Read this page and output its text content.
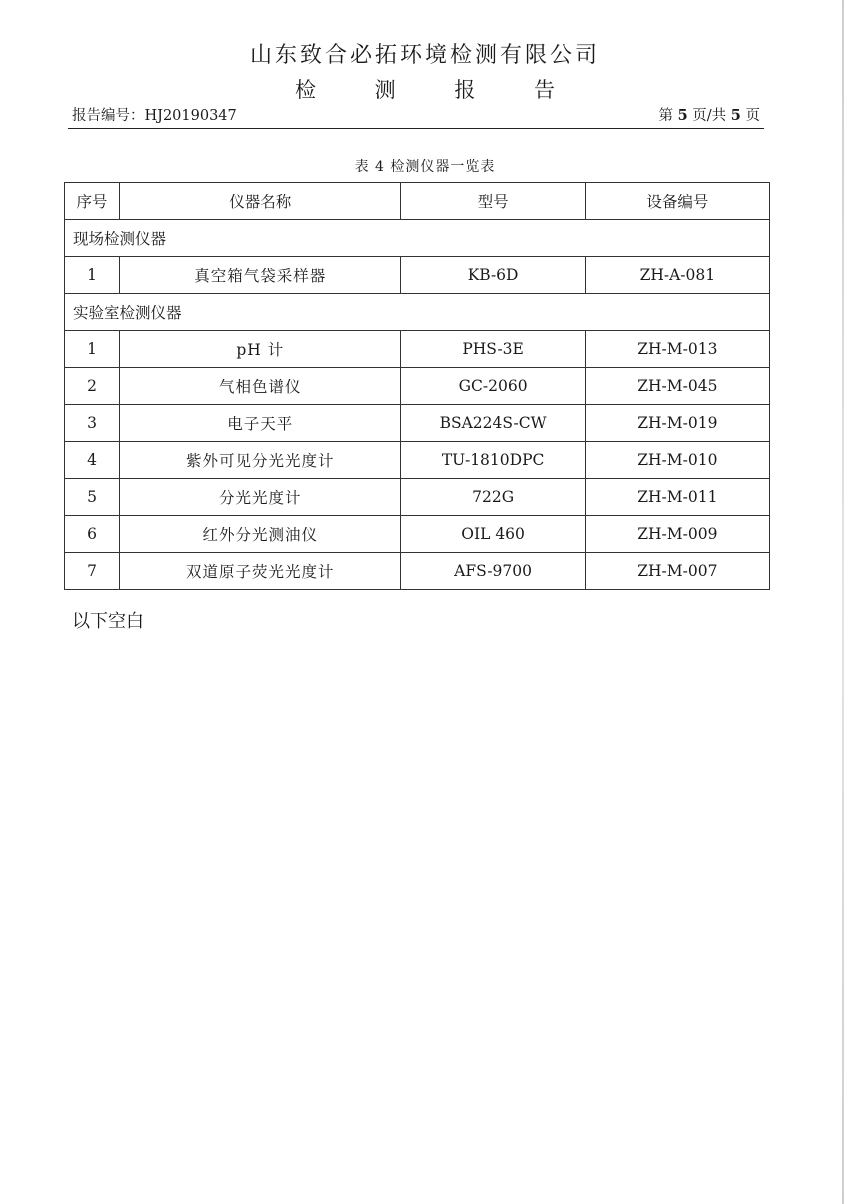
山东致合必拓环境检测有限公司
检 测 报 告
报告编号：HJ20190347	第 5 页/共 5 页
表 4 检测仪器一览表
序号	仪器名称	型号	设备编号
现场检测仪器			
1	真空箱气袋采样器	KB-6D	ZH-A-081
实验室检测仪器			
1	pH 计	PHS-3E	ZH-M-013
2	气相色谱仪	GC-2060	ZH-M-045
3	电子天平	BSA224S-CW	ZH-M-019
4	紫外可见分光光度计	TU-1810DPC	ZH-M-010
5	分光光度计	722G	ZH-M-011
6	红外分光测油仪	OIL 460	ZH-M-009
7	双道原子荧光光度计	AFS-9700	ZH-M-007
以下空白
